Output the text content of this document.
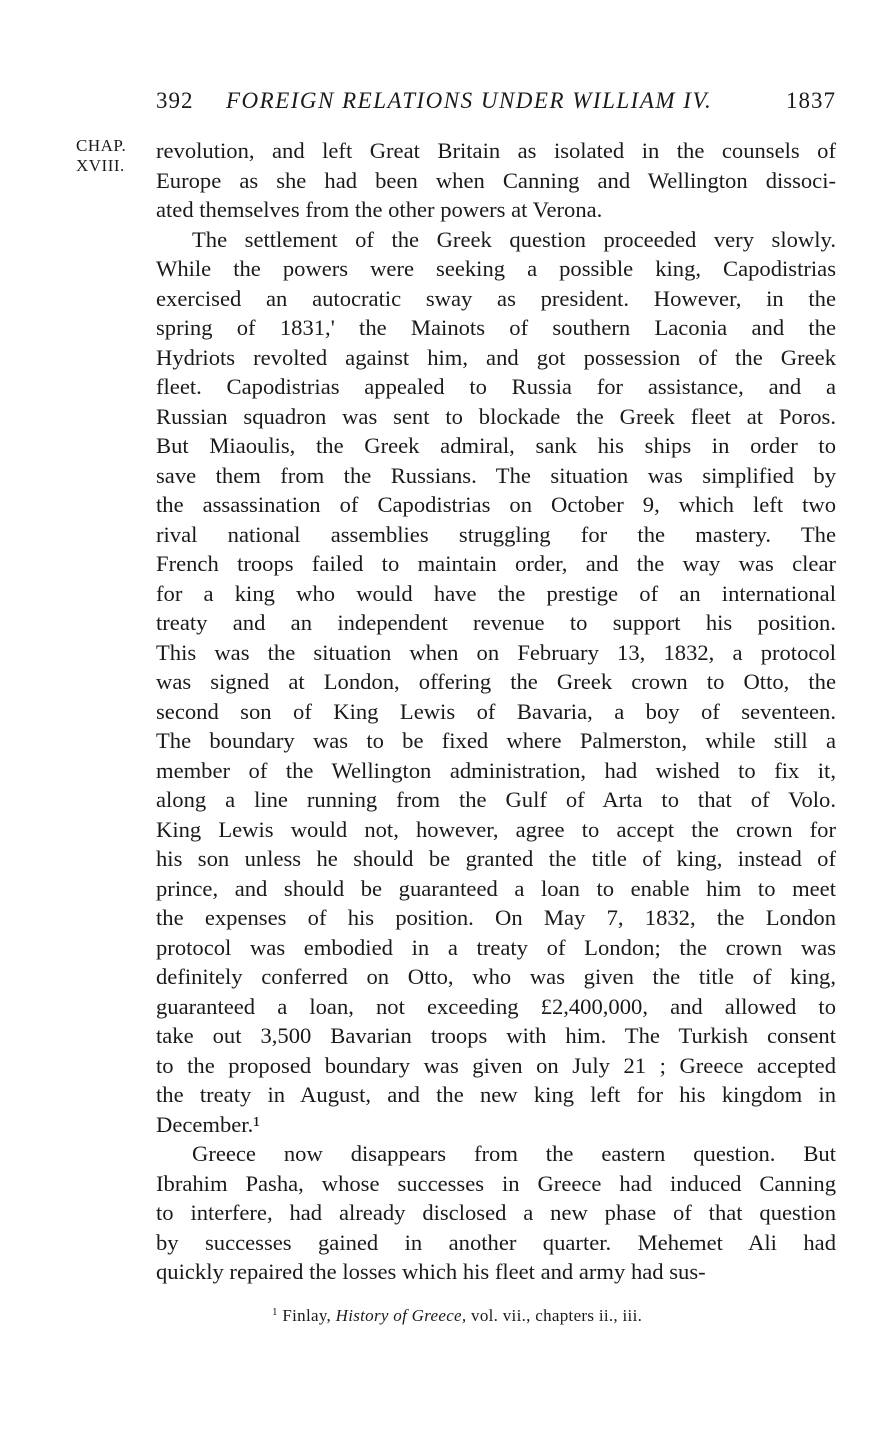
392 FOREIGN RELATIONS UNDER WILLIAM IV.	1837
CHAP.
XVIII.
revolution, and left Great Britain as isolated in the counsels of
Europe as she had been when Canning and Wellington dissoci-
ated themselves from the other powers at Verona.
The settlement of the Greek question proceeded very slowly.
While the powers were seeking a possible king, Capodistrias
exercised an autocratic sway as president. However, in the
spring of 1831,' the Mainots of southern Laconia and the
Hydriots revolted against him, and got possession of the Greek
fleet. Capodistrias appealed to Russia for assistance, and a
Russian squadron was sent to blockade the Greek fleet at Poros.
But Miaoulis, the Greek admiral, sank his ships in order to
save them from the Russians. The situation was simplified by
the assassination of Capodistrias on October 9, which left two
rival national assemblies struggling for the mastery. The
French troops failed to maintain order, and the way was clear
for a king who would have the prestige of an international
treaty and an independent revenue to support his position.
This was the situation when on February 13, 1832, a protocol
was signed at London, offering the Greek crown to Otto, the
second son of King Lewis of Bavaria, a boy of seventeen.
The boundary was to be fixed where Palmerston, while still a
member of the Wellington administration, had wished to fix it,
along a line running from the Gulf of Arta to that of Volo.
King Lewis would not, however, agree to accept the crown for
his son unless he should be granted the title of king, instead of
prince, and should be guaranteed a loan to enable him to meet
the expenses of his position. On May 7, 1832, the London
protocol was embodied in a treaty of London; the crown was
definitely conferred on Otto, who was given the title of king,
guaranteed a loan, not exceeding £2,400,000, and allowed to
take out 3,500 Bavarian troops with him. The Turkish consent
to the proposed boundary was given on July 21 ; Greece accepted
the treaty in August, and the new king left for his kingdom in
December.¹
Greece now disappears from the eastern question. But
Ibrahim Pasha, whose successes in Greece had induced Canning
to interfere, had already disclosed a new phase of that question
by successes gained in another quarter. Mehemet Ali had
quickly repaired the losses which his fleet and army had sus-
$^1$ Finlay, History of Greece, vol. vii., chapters ii., iii.
